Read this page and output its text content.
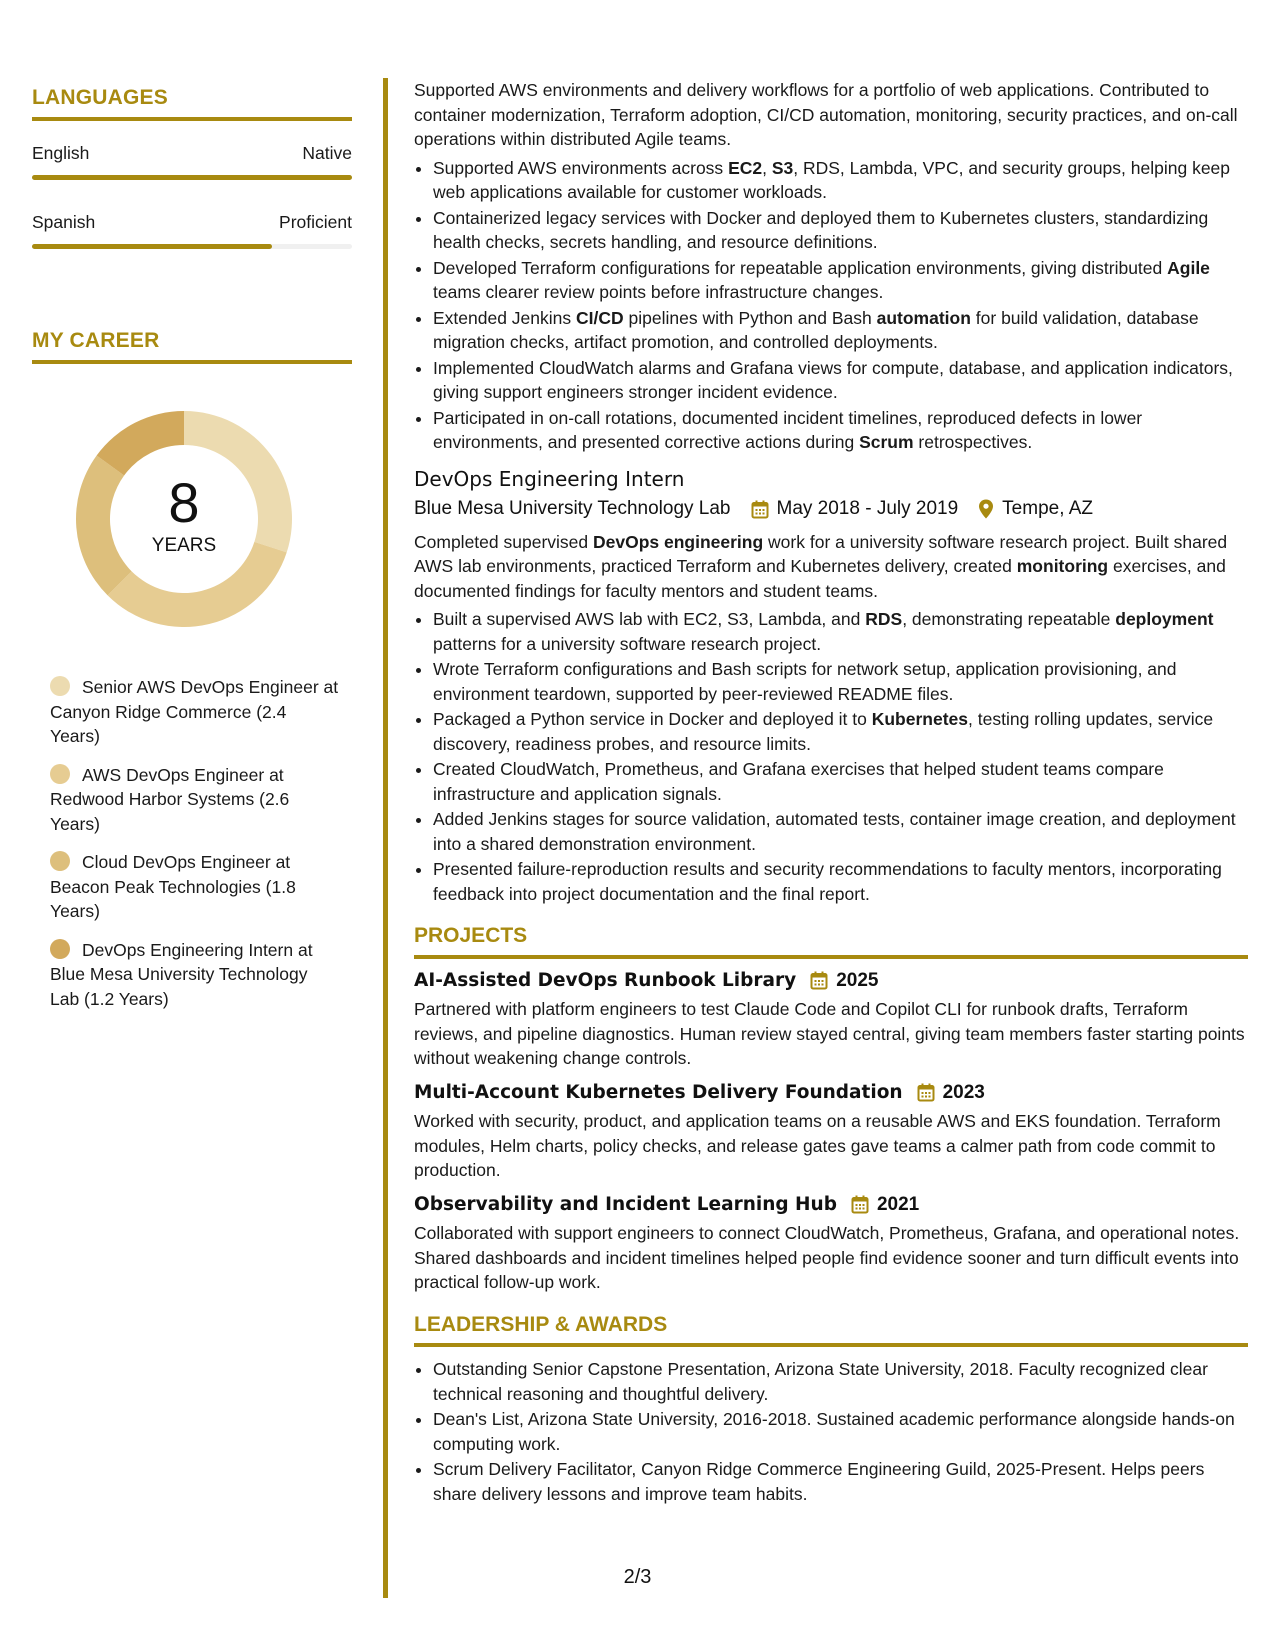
LANGUAGES
English	Native
Spanish	Proficient
MY CAREER
8
YEARS
Senior AWS DevOps Engineer at Canyon Ridge Commerce (2.4 Years)
AWS DevOps Engineer at Redwood Harbor Systems (2.6 Years)
Cloud DevOps Engineer at Beacon Peak Technologies (1.8 Years)
DevOps Engineering Intern at Blue Mesa University Technology Lab (1.2 Years)

Supported AWS environments and delivery workflows for a portfolio of web applications. Contributed to container modernization, Terraform adoption, CI/CD automation, monitoring, security practices, and on-call operations within distributed Agile teams.

• Supported AWS environments across EC2, S3, RDS, Lambda, VPC, and security groups, helping keep web applications available for customer workloads.
• Containerized legacy services with Docker and deployed them to Kubernetes clusters, standardizing health checks, secrets handling, and resource definitions.
• Developed Terraform configurations for repeatable application environments, giving distributed Agile teams clearer review points before infrastructure changes.
• Extended Jenkins CI/CD pipelines with Python and Bash automation for build validation, database migration checks, artifact promotion, and controlled deployments.
• Implemented CloudWatch alarms and Grafana views for compute, database, and application indicators, giving support engineers stronger incident evidence.
• Participated in on-call rotations, documented incident timelines, reproduced defects in lower environments, and presented corrective actions during Scrum retrospectives.
DevOps Engineering Intern
Blue Mesa University Technology Lab May 2018 - July 2019 Tempe, AZ

Completed supervised DevOps engineering work for a university software research project. Built shared AWS lab environments, practiced Terraform and Kubernetes delivery, created monitoring exercises, and documented findings for faculty mentors and student teams.

• Built a supervised AWS lab with EC2, S3, Lambda, and RDS, demonstrating repeatable deployment patterns for a university software research project.
• Wrote Terraform configurations and Bash scripts for network setup, application provisioning, and environment teardown, supported by peer-reviewed README files.
• Packaged a Python service in Docker and deployed it to Kubernetes, testing rolling updates, service discovery, readiness probes, and resource limits.
• Created CloudWatch, Prometheus, and Grafana exercises that helped student teams compare infrastructure and application signals.
• Added Jenkins stages for source validation, automated tests, container image creation, and deployment into a shared demonstration environment.
• Presented failure-reproduction results and security recommendations to faculty mentors, incorporating feedback into project documentation and the final report.
PROJECTS
AI-Assisted DevOps Runbook Library 2025

Partnered with platform engineers to test Claude Code and Copilot CLI for runbook drafts, Terraform reviews, and pipeline diagnostics. Human review stayed central, giving team members faster starting points without weakening change controls.

Multi-Account Kubernetes Delivery Foundation 2023

Worked with security, product, and application teams on a reusable AWS and EKS foundation. Terraform modules, Helm charts, policy checks, and release gates gave teams a calmer path from code commit to production.

Observability and Incident Learning Hub 2021

Collaborated with support engineers to connect CloudWatch, Prometheus, Grafana, and operational notes. Shared dashboards and incident timelines helped people find evidence sooner and turn difficult events into practical follow-up work.

LEADERSHIP & AWARDS
• Outstanding Senior Capstone Presentation, Arizona State University, 2018. Faculty recognized clear technical reasoning and thoughtful delivery.
• Dean's List, Arizona State University, 2016-2018. Sustained academic performance alongside hands-on computing work.
• Scrum Delivery Facilitator, Canyon Ridge Commerce Engineering Guild, 2025-Present. Helps peers share delivery lessons and improve team habits.
2/3
